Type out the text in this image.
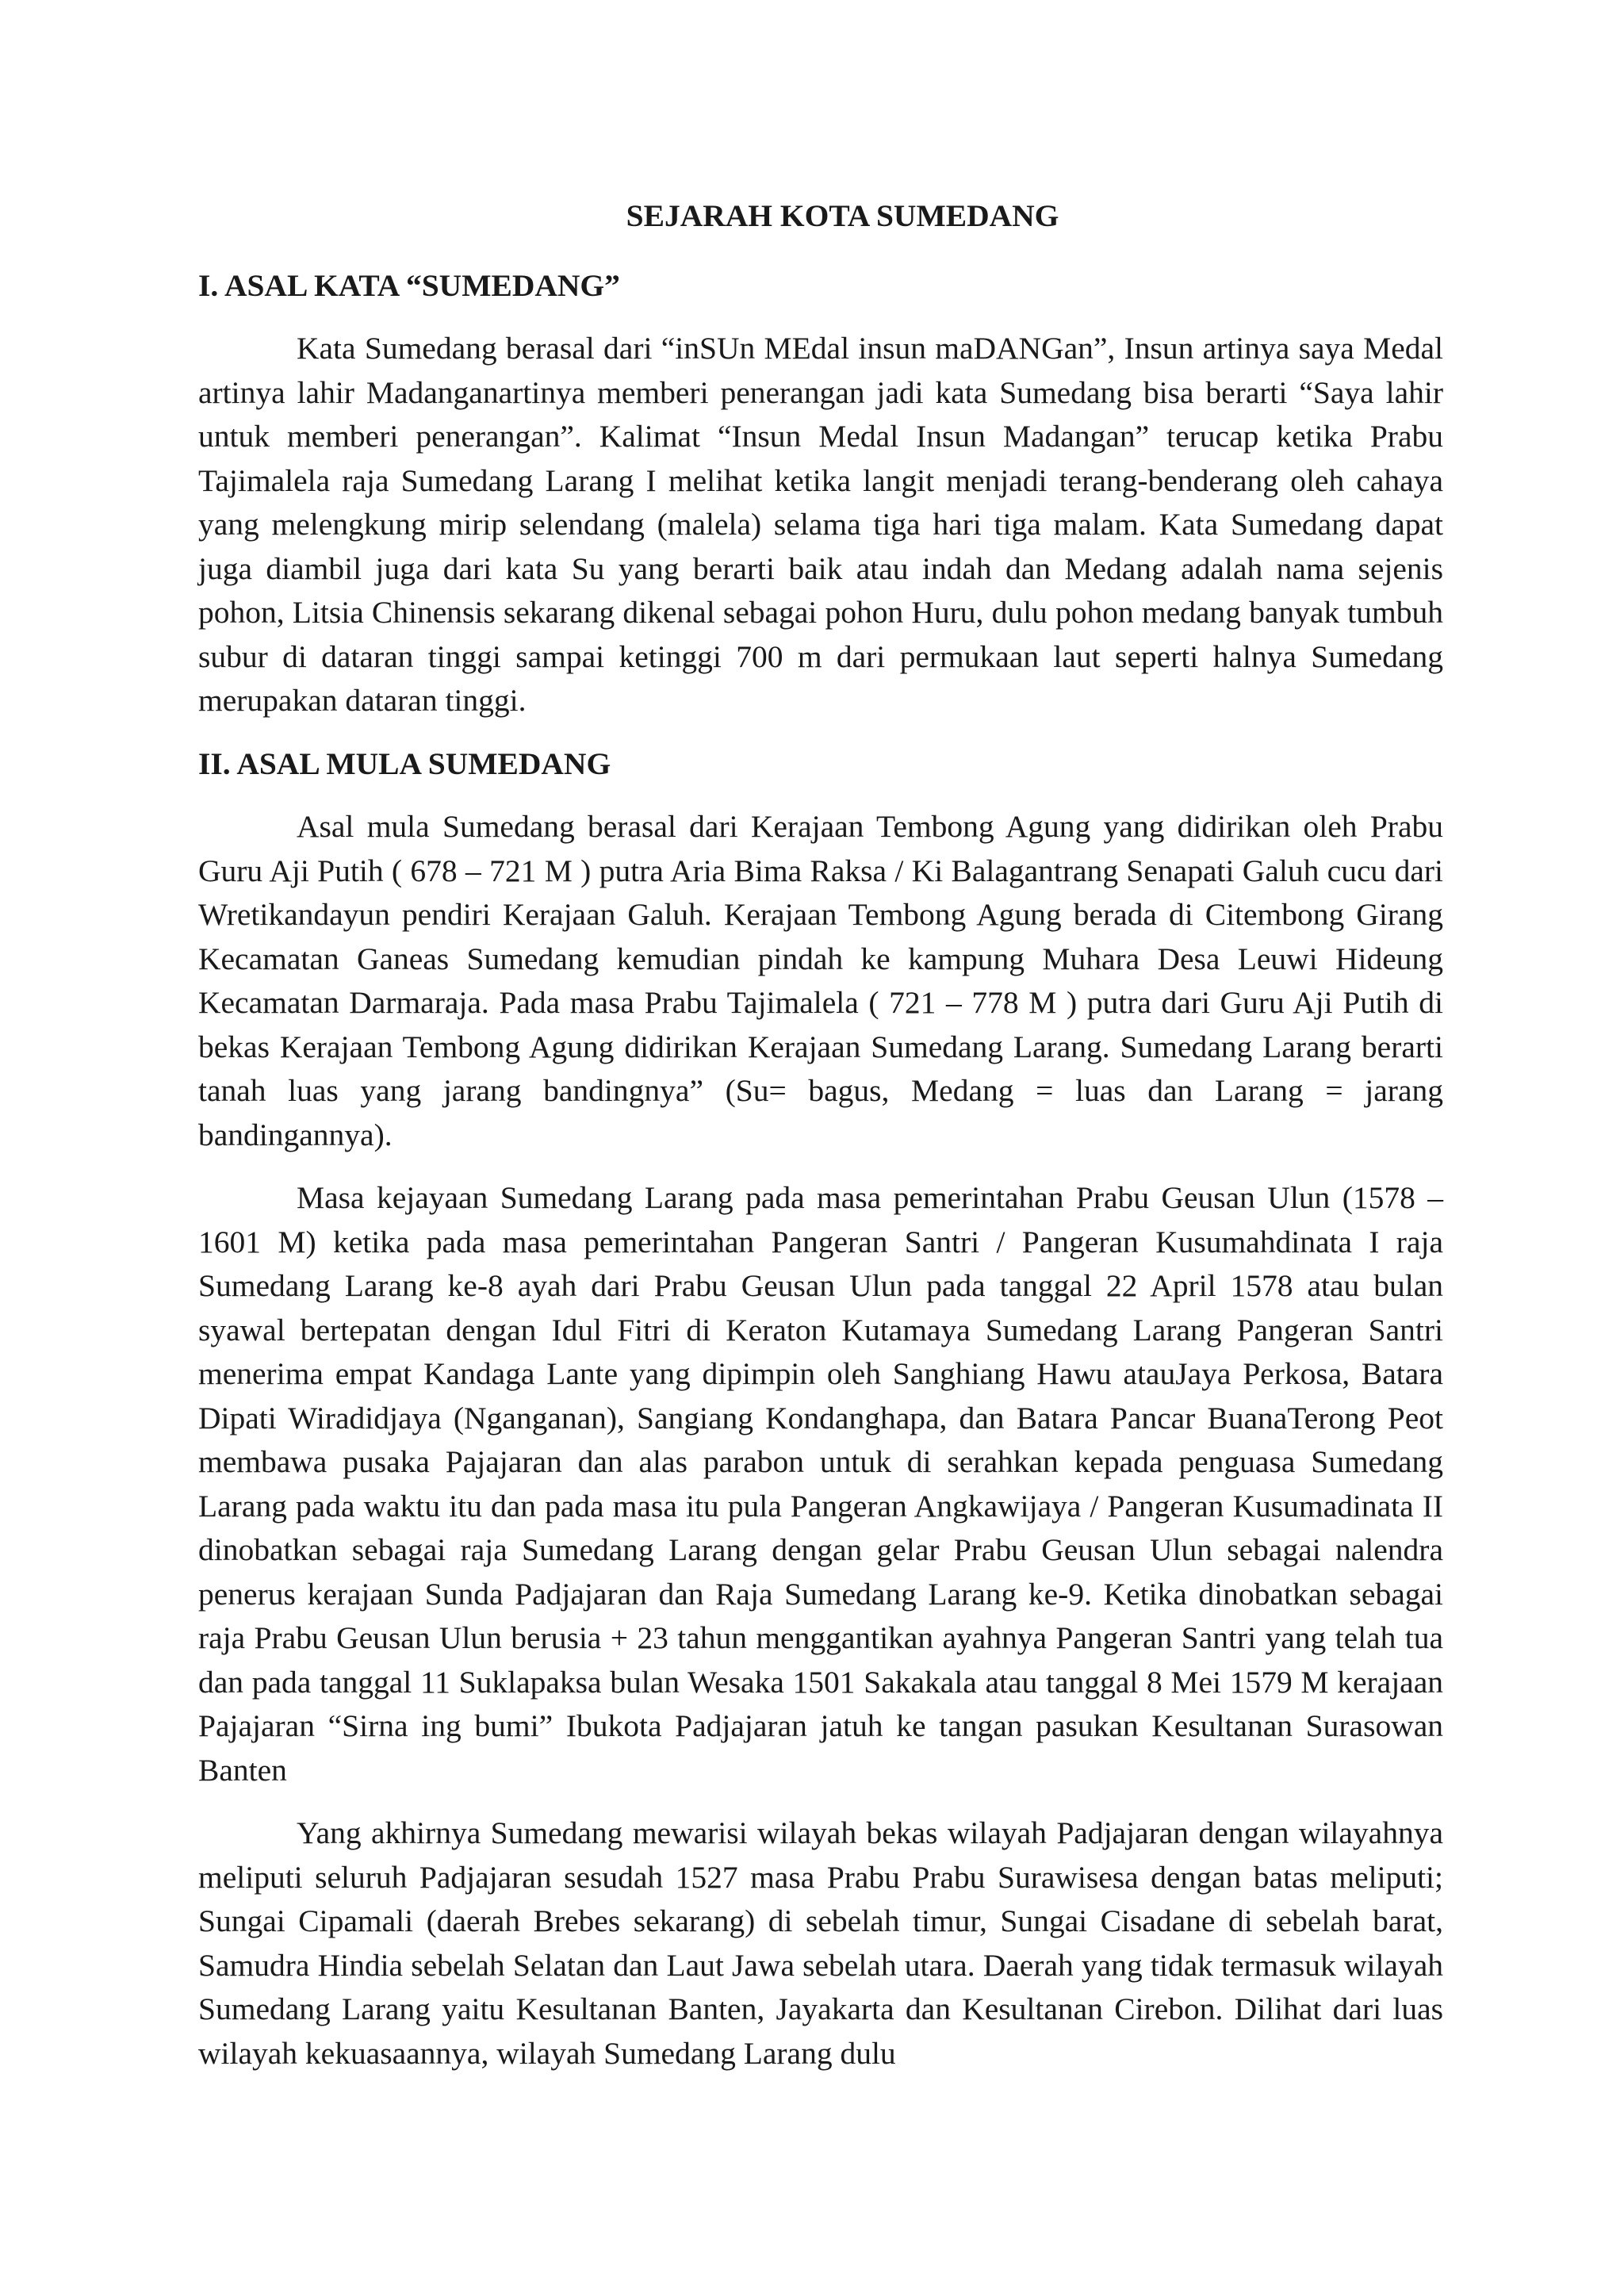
SEJARAH KOTA SUMEDANG
I. ASAL KATA “SUMEDANG”

Kata Sumedang berasal dari “inSUn MEdal insun maDANGan”, Insun artinya saya Medal artinya lahir Madanganartinya memberi penerangan jadi kata Sumedang bisa berarti “Saya lahir untuk memberi penerangan”. Kalimat “Insun Medal Insun Madangan” terucap ketika Prabu Tajimalela raja Sumedang Larang I melihat ketika langit menjadi terang-benderang oleh cahaya yang melengkung mirip selendang (malela) selama tiga hari tiga malam. Kata Sumedang dapat juga diambil juga dari kata Su yang berarti baik atau indah dan Medang adalah nama sejenis pohon, Litsia Chinensis sekarang dikenal sebagai pohon Huru, dulu pohon medang banyak tumbuh subur di dataran tinggi sampai ketinggi 700 m dari permukaan laut seperti halnya Sumedang merupakan dataran tinggi.

II. ASAL MULA SUMEDANG

Asal mula Sumedang berasal dari Kerajaan Tembong Agung yang didirikan oleh Prabu Guru Aji Putih ( 678 – 721 M ) putra Aria Bima Raksa / Ki Balagantrang Senapati Galuh cucu dari Wretikandayun pendiri Kerajaan Galuh. Kerajaan Tembong Agung berada di Citembong Girang Kecamatan Ganeas Sumedang kemudian pindah ke kampung Muhara Desa Leuwi Hideung Kecamatan Darmaraja. Pada masa Prabu Tajimalela ( 721 – 778 M ) putra dari Guru Aji Putih di bekas Kerajaan Tembong Agung didirikan Kerajaan Sumedang Larang. Sumedang Larang berarti tanah luas yang jarang bandingnya” (Su= bagus, Medang = luas dan Larang = jarang bandingannya).

Masa kejayaan Sumedang Larang pada masa pemerintahan Prabu Geusan Ulun (1578 – 1601 M) ketika pada masa pemerintahan Pangeran Santri / Pangeran Kusumahdinata I raja Sumedang Larang ke-8 ayah dari Prabu Geusan Ulun pada tanggal 22 April 1578 atau bulan syawal bertepatan dengan Idul Fitri di Keraton Kutamaya Sumedang Larang Pangeran Santri menerima empat Kandaga Lante yang dipimpin oleh Sanghiang Hawu atauJaya Perkosa, Batara Dipati Wiradidjaya (Nganganan), Sangiang Kondanghapa, dan Batara Pancar BuanaTerong Peot membawa pusaka Pajajaran dan alas parabon untuk di serahkan kepada penguasa Sumedang Larang pada waktu itu dan pada masa itu pula Pangeran Angkawijaya / Pangeran Kusumadinata II dinobatkan sebagai raja Sumedang Larang dengan gelar Prabu Geusan Ulun sebagai nalendra penerus kerajaan Sunda Padjajaran dan Raja Sumedang Larang ke-9. Ketika dinobatkan sebagai raja Prabu Geusan Ulun berusia + 23 tahun menggantikan ayahnya Pangeran Santri yang telah tua dan pada tanggal 11 Suklapaksa bulan Wesaka 1501 Sakakala atau tanggal 8 Mei 1579 M kerajaan Pajajaran “Sirna ing bumi” Ibukota Padjajaran jatuh ke tangan pasukan Kesultanan Surasowan Banten

Yang akhirnya Sumedang mewarisi wilayah bekas wilayah Padjajaran dengan wilayahnya meliputi seluruh Padjajaran sesudah 1527 masa Prabu Prabu Surawisesa dengan batas meliputi; Sungai Cipamali (daerah Brebes sekarang) di sebelah timur, Sungai Cisadane di sebelah barat, Samudra Hindia sebelah Selatan dan Laut Jawa sebelah utara. Daerah yang tidak termasuk wilayah Sumedang Larang yaitu Kesultanan Banten, Jayakarta dan Kesultanan Cirebon. Dilihat dari luas wilayah kekuasaannya, wilayah Sumedang Larang dulu
